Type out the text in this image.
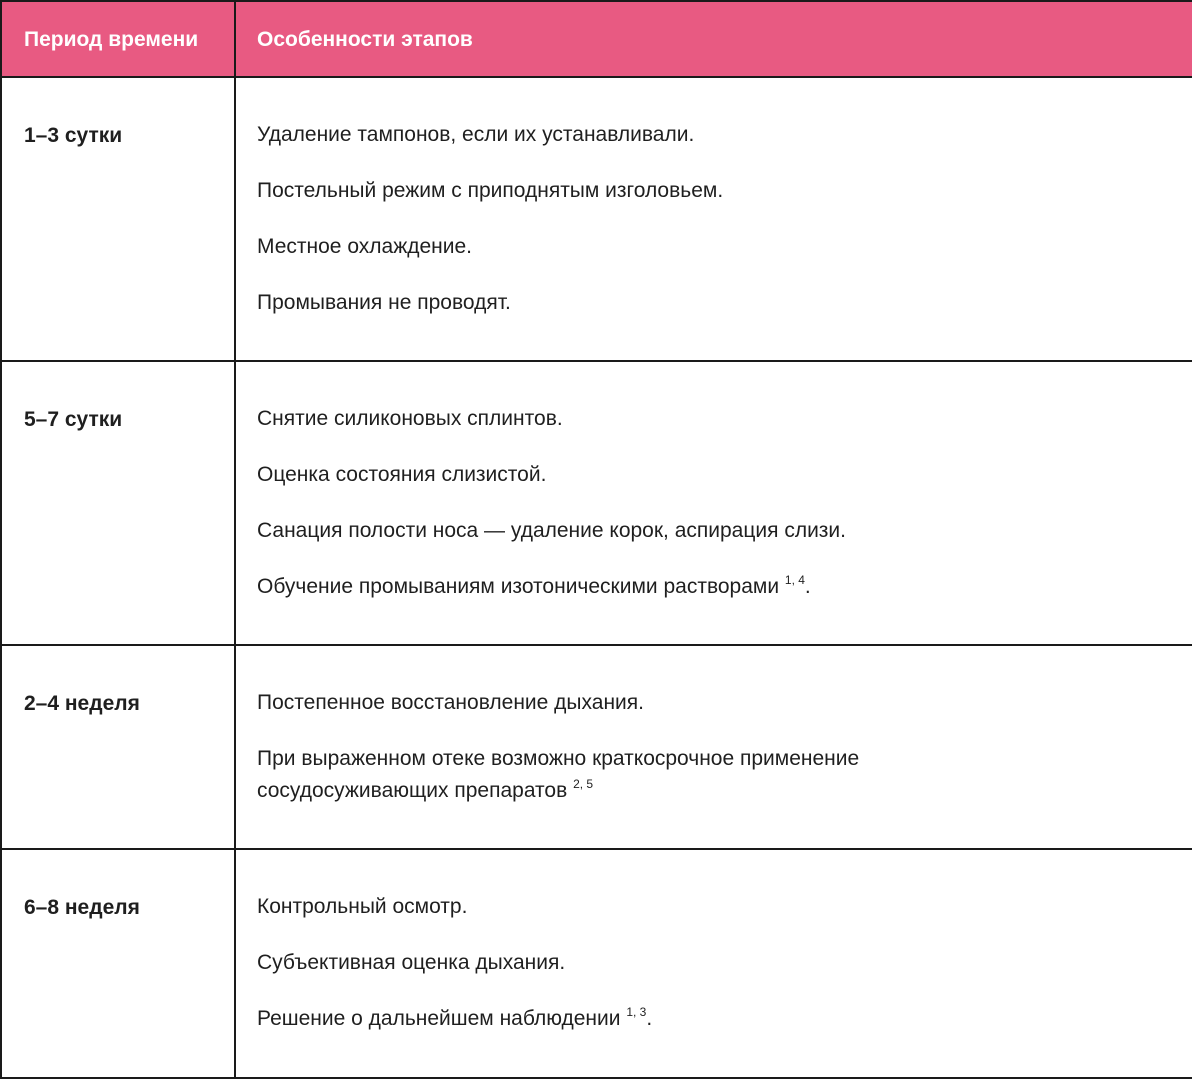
Период времени	Особенности этапов
1–3 сутки	Удаление тампонов, если их устанавливали.

Постельный режим с приподнятым изголовьем.

Местное охлаждение.

Промывания не проводят.

5–7 сутки	Снятие силиконовых сплинтов.

Оценка состояния слизистой.

Санация полости носа — удаление корок, аспирация слизи.

Обучение промываниям изотоническими растворами $^{1, 4}$.

2–4 неделя	Постепенное восстановление дыхания.

При выраженном отеке возможно краткосрочное применение сосудосуживающих препаратов $^{2, 5}$

6–8 неделя	Контрольный осмотр.

Субъективная оценка дыхания.

Решение о дальнейшем наблюдении $^{1, 3}$.
